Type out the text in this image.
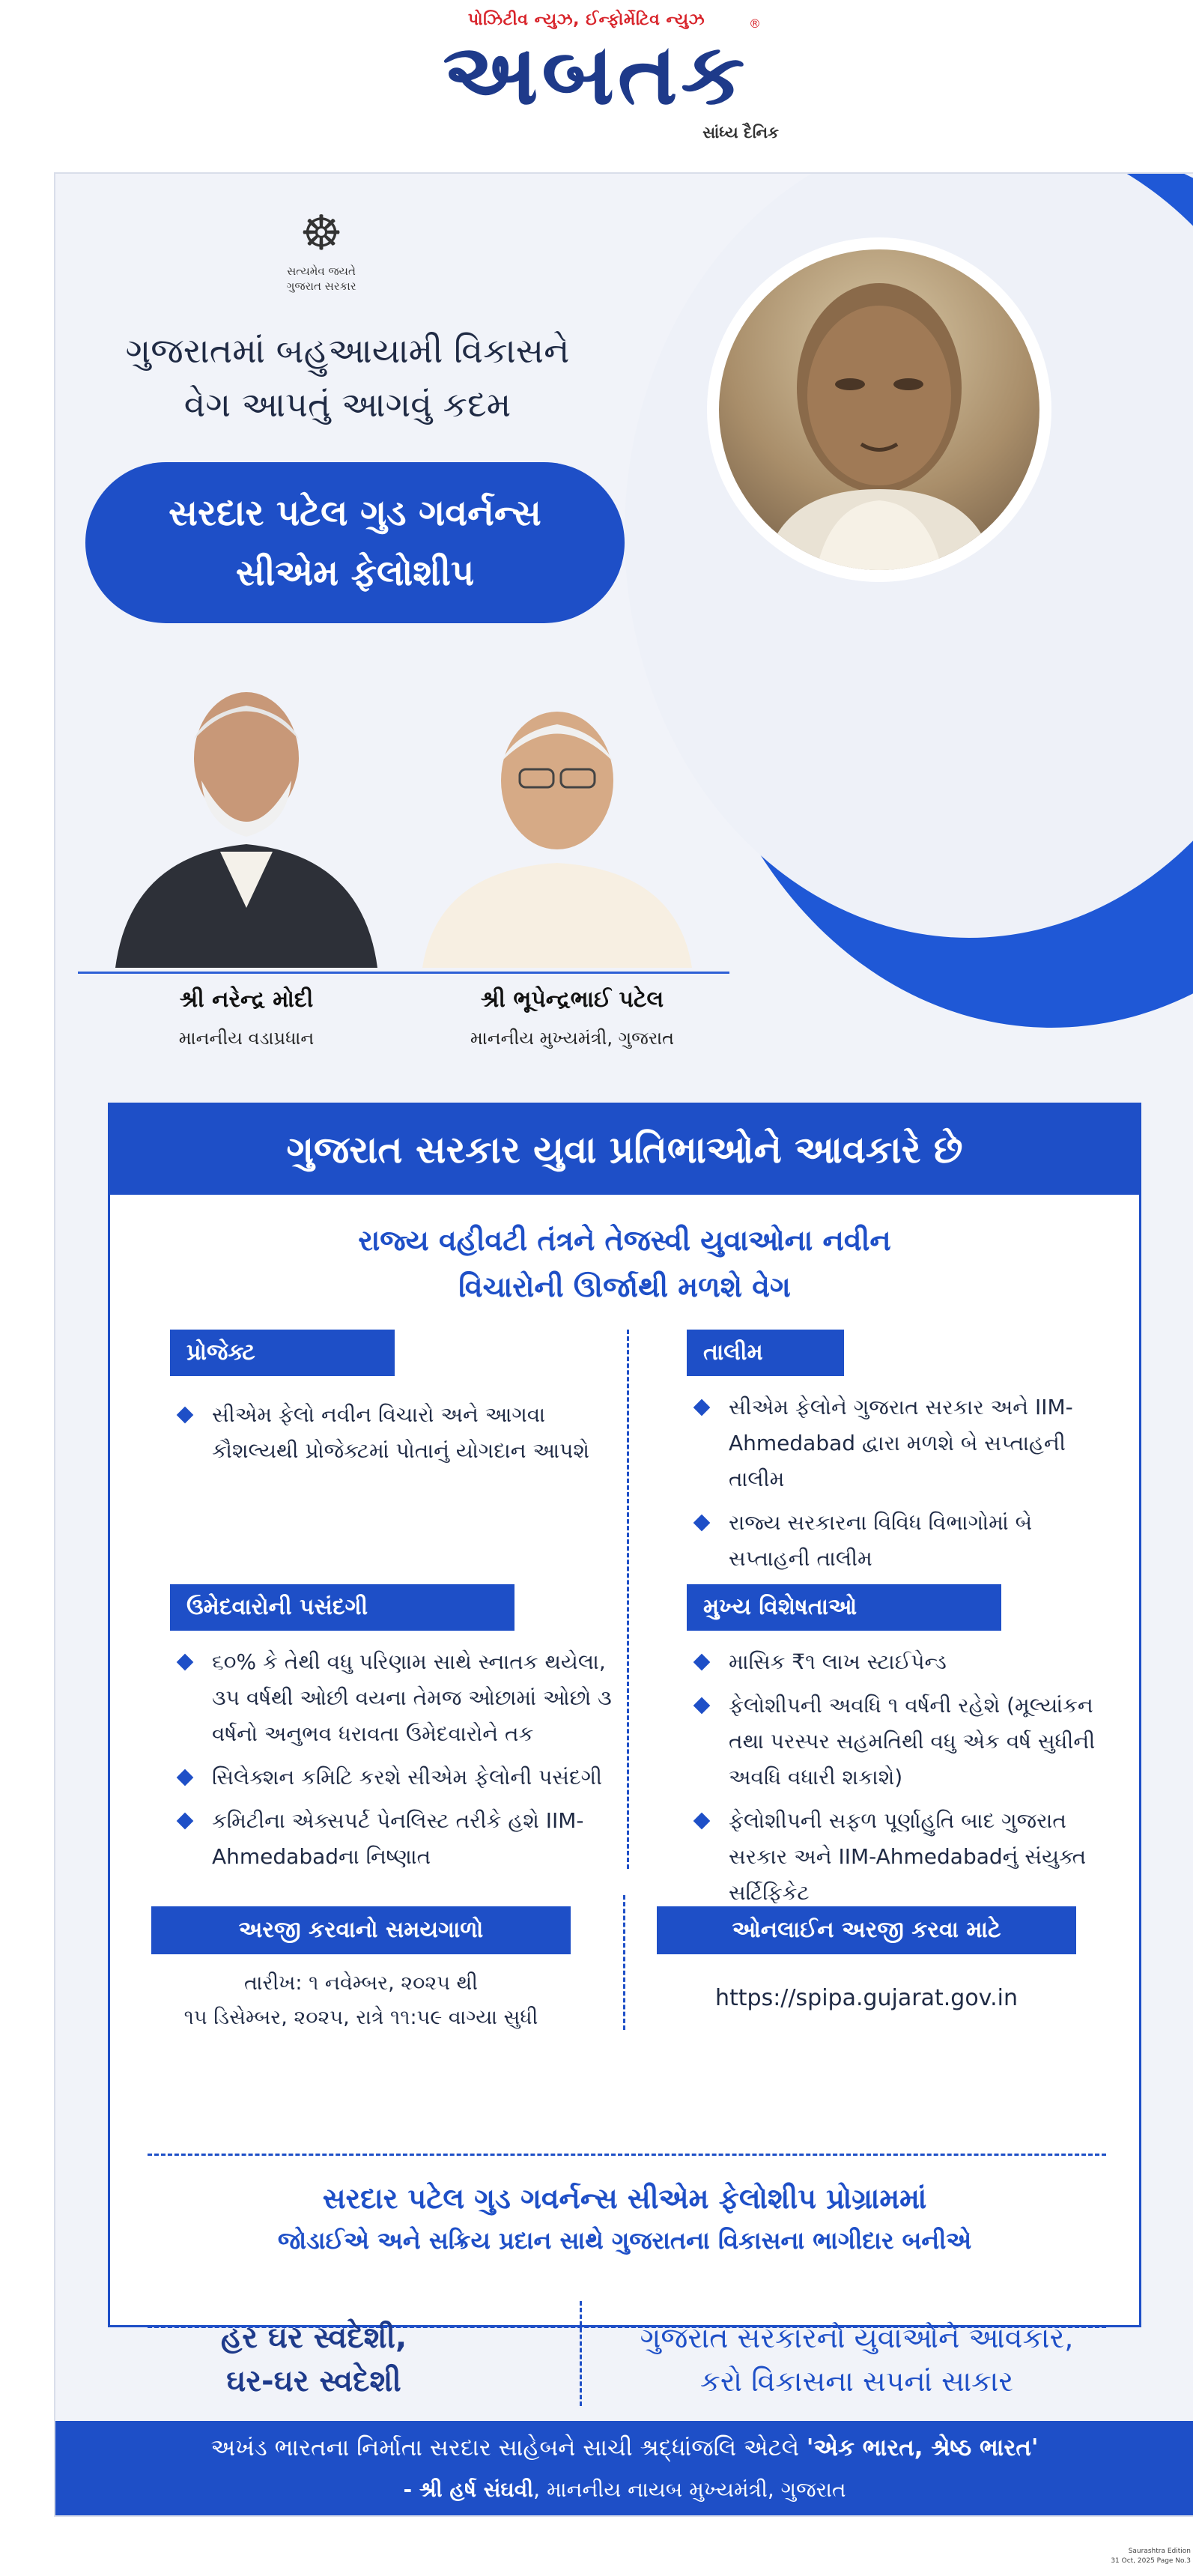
પોઝિટીવ ન્યુઝ, ઈન્ફોર્મેટિવ ન્યુઝ	®
અબતક
સાંધ્ય દૈનિક
☸
સત્યમેવ જયતે
ગુજરાત સરકાર
ગુજરાતમાં બહુઆયામી વિકાસને
વેગ આપતું આગવું કદમ
સરદાર પટેલ ગુડ ગવર્નન્સ
સીએમ ફેલોશીપ
શ્રી નરેન્દ્ર મોદી
માનનીય વડાપ્રધાન
શ્રી ભૂપેન્દ્રભાઈ પટેલ
માનનીય મુખ્યમંત્રી, ગુજરાત
ગુજરાત સરકાર યુવા પ્રતિભાઓને આવકારે છે
રાજ્ય વહીવટી તંત્રને તેજસ્વી યુવાઓના નવીન
વિચારોની ઊર્જાથી મળશે વેગ
પ્રોજેક્ટ
સીએમ ફેલો નવીન વિચારો અને આગવા કૌશલ્યથી પ્રોજેક્ટમાં પોતાનું યોગદાન આપશે
તાલીમ
સીએમ ફેલોને ગુજરાત સરકાર અને IIM-Ahmedabad દ્વારા મળશે બે સપ્તાહની તાલીમ
રાજ્ય સરકારના વિવિધ વિભાગોમાં બે સપ્તાહની તાલીમ
ઉમેદવારોની પસંદગી
૬૦% કે તેથી વધુ પરિણામ સાથે સ્નાતક થયેલા, ૩૫ વર્ષથી ઓછી વયના તેમજ ઓછામાં ઓછો ૩ વર્ષનો અનુભવ ધરાવતા ઉમેદવારોને તક
સિલેક્શન કમિટિ કરશે સીએમ ફેલોની પસંદગી
કમિટીના એક્સપર્ટ પેનલિસ્ટ તરીકે હશે IIM-Ahmedabadના નિષ્ણાત
મુખ્ય વિશેષતાઓ
માસિક ₹૧ લાખ સ્ટાઈપેન્ડ
ફેલોશીપની અવધિ ૧ વર્ષની રહેશે (મૂલ્યાંકન તથા પરસ્પર સહમતિથી વધુ એક વર્ષ સુધીની અવધિ વધારી શકાશે)
ફેલોશીપની સફળ પૂર્ણાહુતિ બાદ ગુજરાત સરકાર અને IIM-Ahmedabadનું સંયુક્ત સર્ટિફિકેટ
સરદાર પટેલ ગુડ ગવર્નન્સ સીએમ ફેલોશીપ પ્રોગ્રામમાં
જોડાઈએ અને સક્રિય પ્રદાન સાથે ગુજરાતના વિકાસના ભાગીદાર બનીએ
હર ઘર સ્વદેશી,
ઘર-ઘર સ્વદેશી
ગુજરાત સરકારનો યુવાઓને આવકાર,
કરો વિકાસના સપનાં સાકાર
અખંડ ભારતના નિર્માતા સરદાર સાહેબને સાચી શ્રદ્ધાંજલિ એટલે 'એક ભારત, શ્રેષ્ઠ ભારત'
- શ્રી હર્ષ સંઘવી, માનનીય નાયબ મુખ્યમંત્રી, ગુજરાત
અરજી કરવાનો સમયગાળો
તારીખ: ૧ નવેમ્બર, ૨૦૨૫ થી
૧૫ ડિસેમ્બર, ૨૦૨૫, રાત્રે ૧૧:૫૯ વાગ્યા સુધી
ઓનલાઈન અરજી કરવા માટે
https://spipa.gujarat.gov.in
Saurashtra Edition
31 Oct, 2025 Page No.3
